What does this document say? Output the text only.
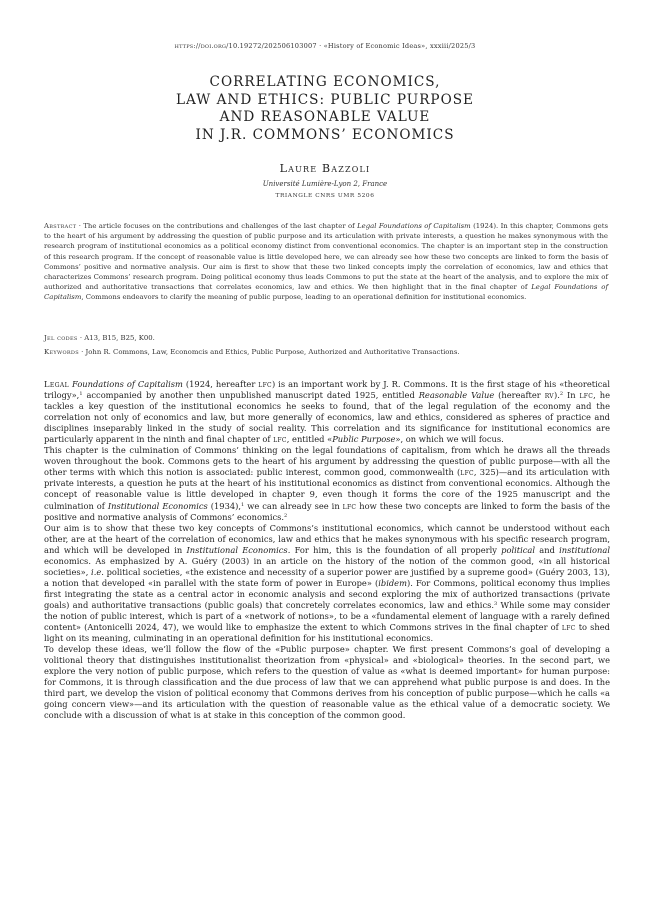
https://doi.org/10.19272/202506103007 · «History of Economic Ideas», xxxiii/2025/3
CORRELATING ECONOMICS,
LAW AND ETHICS: PUBLIC PURPOSE
AND REASONABLE VALUE
IN J.R. COMMONS’ ECONOMICS
Laure Bazzoli
Université Lumière-Lyon 2, France
TRIANGLE CNRS UMR 5206
Abstract · The article focuses on the contributions and challenges of the last chapter of Legal Foundations of Capitalism (1924). In this chapter, Commons gets to the heart of his argument by addressing the question of public purpose and its articulation with private interests, a question he makes synonymous with the research program of institutional economics as a political economy distinct from conventional economics. The chapter is an important step in the construction of this research program. If the concept of reasonable value is little developed here, we can already see how these two concepts are linked to form the basis of Commons’ positive and normative analysis. Our aim is first to show that these two linked concepts imply the correlation of economics, law and ethics that characterizes Commons’ research program. Doing political economy thus leads Commons to put the state at the heart of the analysis, and to explore the mix of authorized and authoritative transactions that correlates economics, law and ethics. We then highlight that in the final chapter of Legal Foundations of Capitalism, Commons endeavors to clarify the meaning of public purpose, leading to an operational definition for institutional economics.
Jel codes · A13, B15, B25, K00.
Keywords · John R. Commons, Law, Economcis and Ethics, Public Purpose, Authorized and Authoritative Transactions.

Legal Foundations of Capitalism (1924, hereafter lfc) is an important work by J. R. Commons. It is the first stage of his «theoretical trilogy»,$^1$ accompanied by another then unpublished manuscript dated 1925, entitled Reasonable Value (hereafter rv).$^2$ In lfc, he tackles a key question of the institutional economics he seeks to found, that of the legal regulation of the economy and the correlation not only of economics and law, but more generally of economics, law and ethics, considered as spheres of practice and disciplines inseparably linked in the study of social reality. This correlation and its significance for institutional economics are particularly apparent in the ninth and final chapter of lfc, entitled «Public Purpose», on which we will focus.

This chapter is the culmination of Commons’ thinking on the legal foundations of capitalism, from which he draws all the threads woven throughout the book. Commons gets to the heart of his argument by addressing the question of public purpose—with all the other terms with which this notion is associated: public interest, common good, commonwealth (lfc, 325)—and its articulation with private interests, a question he puts at the heart of his institutional economics as distinct from conventional economics. Although the concept of reasonable value is little developed in chapter 9, even though it forms the core of the 1925 manuscript and the culmination of Institutional Economics (1934),$^1$ we can already see in lfc how these two concepts are linked to form the basis of the positive and normative analysis of Commons’ economics.$^2$

Our aim is to show that these two key concepts of Commons’s institutional economics, which cannot be understood without each other, are at the heart of the correlation of economics, law and ethics that he makes synonymous with his specific research program, and which will be developed in Institutional Economics. For him, this is the foundation of all properly political and institutional economics. As emphasized by A. Guéry (2003) in an article on the history of the notion of the common good, «in all historical societies», i.e. political societies, «the existence and necessity of a superior power are justified by a supreme good» (Guéry 2003, 13), a notion that developed «in parallel with the state form of power in Europe» (ibidem). For Commons, political economy thus implies first integrating the state as a central actor in economic analysis and second exploring the mix of authorized transactions (private goals) and authoritative transactions (public goals) that concretely correlates economics, law and ethics.$^3$ While some may consider the notion of public interest, which is part of a «network of notions», to be a «fundamental element of language with a rarely defined content» (Antonicelli 2024, 47), we would like to emphasize the extent to which Commons strives in the final chapter of lfc to shed light on its meaning, culminating in an operational definition for his institutional economics.

To develop these ideas, we’ll follow the flow of the «Public purpose» chapter. We first present Commons’s goal of developing a volitional theory that distinguishes institutionalist theorization from «physical» and «biological» theories. In the second part, we explore the very notion of public purpose, which refers to the question of value as «what is deemed important» for human purpose: for Commons, it is through classification and the due process of law that we can apprehend what public purpose is and does. In the third part, we develop the vision of political economy that Commons derives from his conception of public purpose—which he calls «a going concern view»—and its articulation with the question of reasonable value as the ethical value of a democratic society. We conclude with a discussion of what is at stake in this conception of the common good.
